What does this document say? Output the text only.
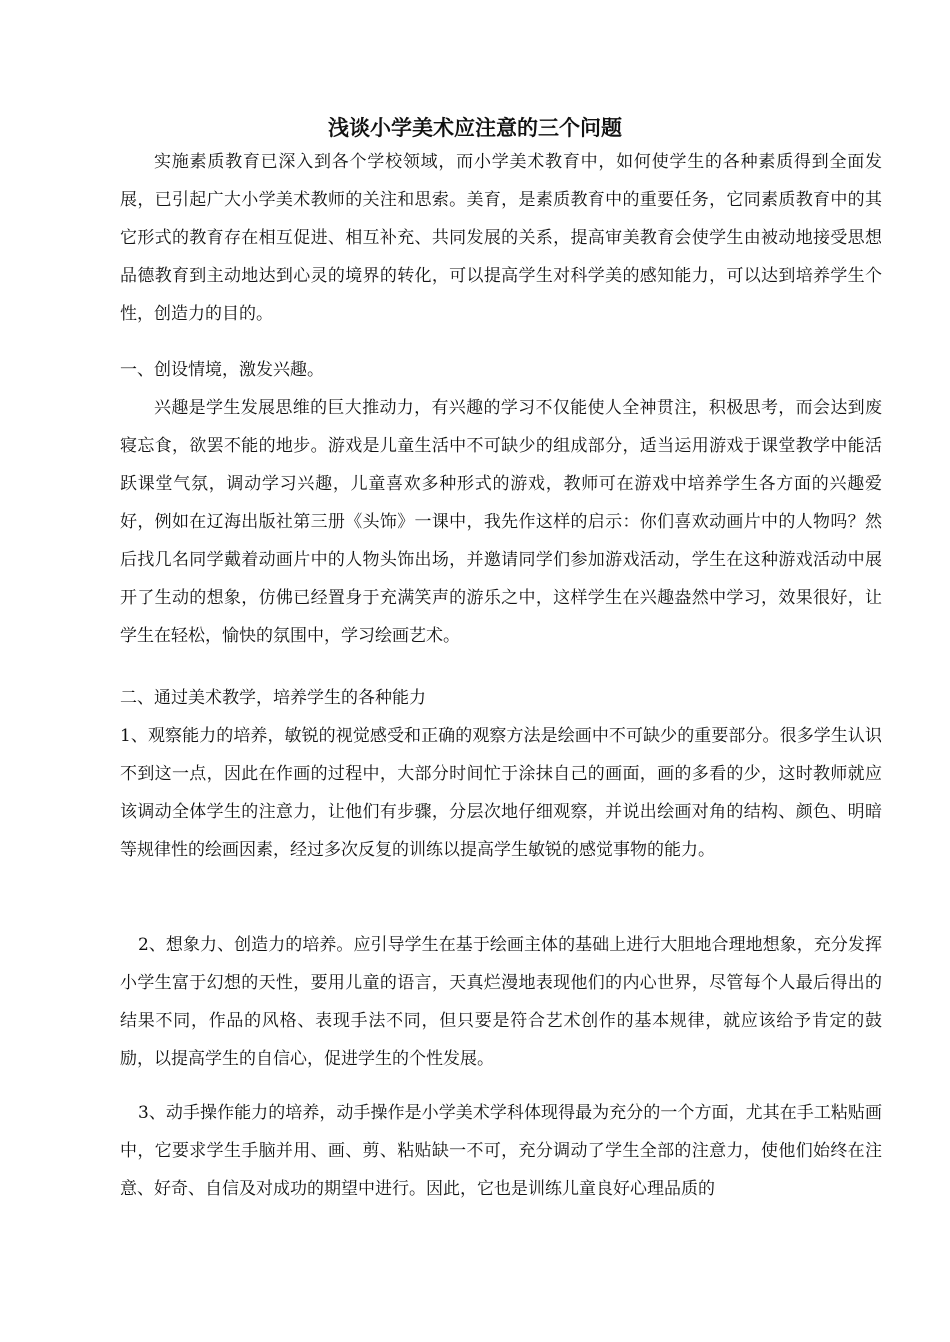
浅谈小学美术应注意的三个问题

实施素质教育已深入到各个学校领域，而小学美术教育中，如何使学生的各种素质得到全面发展，已引起广大小学美术教师的关注和思索。美育，是素质教育中的重要任务，它同素质教育中的其它形式的教育存在相互促进、相互补充、共同发展的关系，提高审美教育会使学生由被动地接受思想品德教育到主动地达到心灵的境界的转化，可以提高学生对科学美的感知能力，可以达到培养学生个性，创造力的目的。

一、创设情境，激发兴趣。

兴趣是学生发展思维的巨大推动力，有兴趣的学习不仅能使人全神贯注，积极思考，而会达到废寝忘食，欲罢不能的地步。游戏是儿童生活中不可缺少的组成部分，适当运用游戏于课堂教学中能活跃课堂气氛，调动学习兴趣，儿童喜欢多种形式的游戏，教师可在游戏中培养学生各方面的兴趣爱好，例如在辽海出版社第三册《头饰》一课中，我先作这样的启示：你们喜欢动画片中的人物吗？然后找几名同学戴着动画片中的人物头饰出场，并邀请同学们参加游戏活动，学生在这种游戏活动中展开了生动的想象，仿佛已经置身于充满笑声的游乐之中，这样学生在兴趣盎然中学习，效果很好，让学生在轻松，愉快的氛围中，学习绘画艺术。

二、通过美术教学，培养学生的各种能力

1、观察能力的培养，敏锐的视觉感受和正确的观察方法是绘画中不可缺少的重要部分。很多学生认识不到这一点，因此在作画的过程中，大部分时间忙于涂抹自己的画面，画的多看的少，这时教师就应该调动全体学生的注意力，让他们有步骤，分层次地仔细观察，并说出绘画对角的结构、颜色、明暗等规律性的绘画因素，经过多次反复的训练以提高学生敏锐的感觉事物的能力。

2、想象力、创造力的培养。应引导学生在基于绘画主体的基础上进行大胆地合理地想象，充分发挥小学生富于幻想的天性，要用儿童的语言，天真烂漫地表现他们的内心世界，尽管每个人最后得出的结果不同，作品的风格、表现手法不同，但只要是符合艺术创作的基本规律，就应该给予肯定的鼓励，以提高学生的自信心，促进学生的个性发展。

3、动手操作能力的培养，动手操作是小学美术学科体现得最为充分的一个方面，尤其在手工粘贴画中，它要求学生手脑并用、画、剪、粘贴缺一不可，充分调动了学生全部的注意力，使他们始终在注意、好奇、自信及对成功的期望中进行。因此，它也是训练儿童良好心理品质的
